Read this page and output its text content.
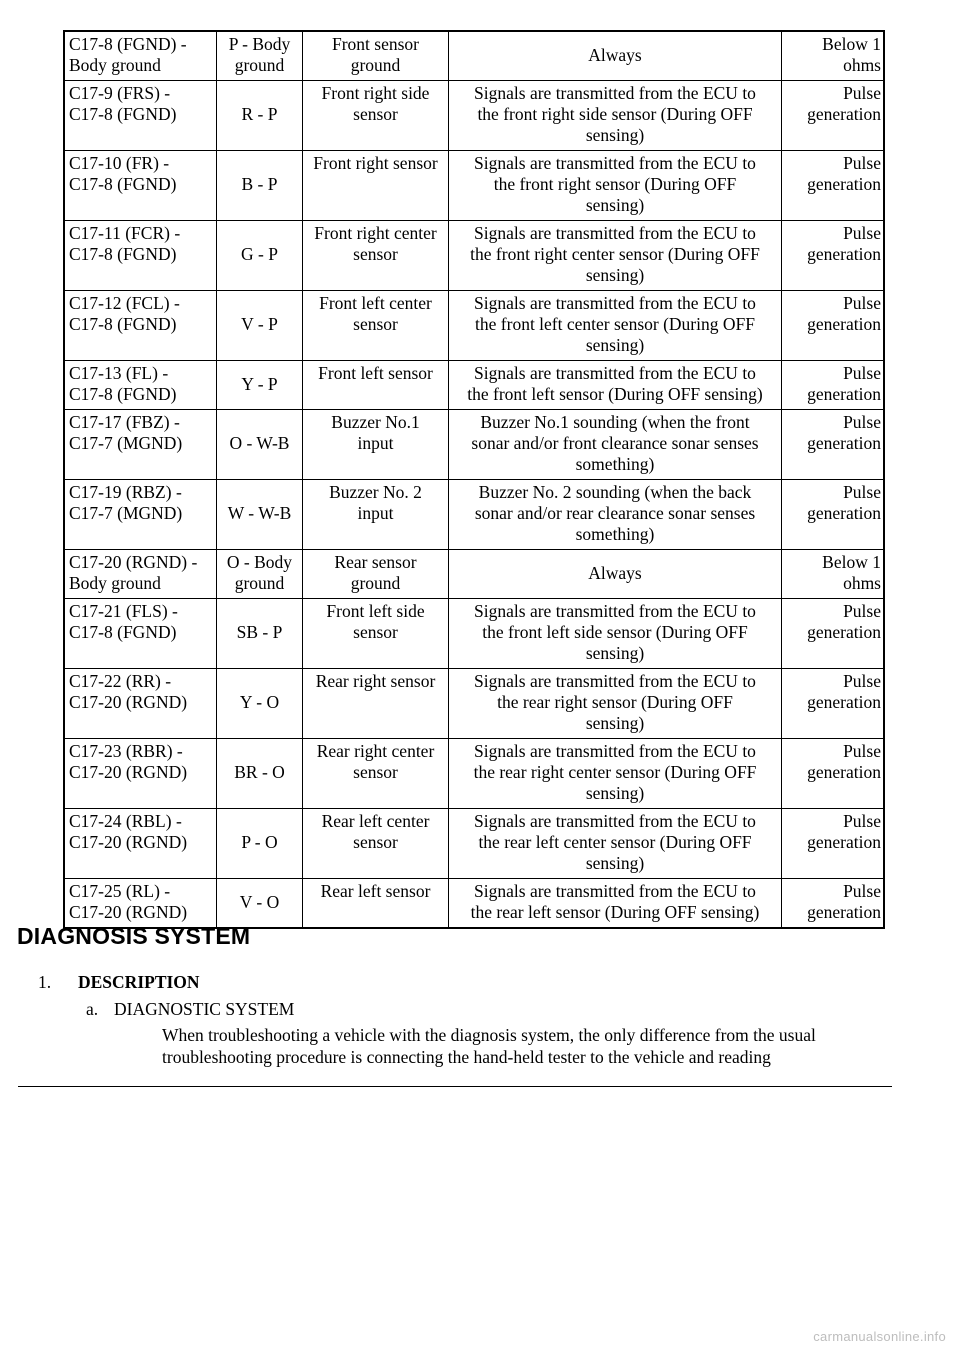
C17-8 (FGND) -
Body ground	P - Body
ground	Front sensor
ground	Always	Below 1
ohms

C17-9 (FRS) -
C17-8 (FGND)	R - P	Front right side
sensor	Signals are transmitted from the ECU to
the front right side sensor (During OFF
sensing)	Pulse
generation

C17-10 (FR) -
C17-8 (FGND)	B - P	Front right sensor	Signals are transmitted from the ECU to
the front right sensor (During OFF
sensing)	Pulse
generation

C17-11 (FCR) -
C17-8 (FGND)	G - P	Front right center
sensor	Signals are transmitted from the ECU to
the front right center sensor (During OFF
sensing)	Pulse
generation

C17-12 (FCL) -
C17-8 (FGND)	V - P	Front left center
sensor	Signals are transmitted from the ECU to
the front left center sensor (During OFF
sensing)	Pulse
generation

C17-13 (FL) -
C17-8 (FGND)	Y - P	Front left sensor	Signals are transmitted from the ECU to
the front left sensor (During OFF sensing)	Pulse
generation

C17-17 (FBZ) -
C17-7 (MGND)	O - W-B	Buzzer No.1
input	Buzzer No.1 sounding (when the front
sonar and/or front clearance sonar senses
something)	Pulse
generation

C17-19 (RBZ) -
C17-7 (MGND)	W - W-B	Buzzer No. 2
input	Buzzer No. 2 sounding (when the back
sonar and/or rear clearance sonar senses
something)	Pulse
generation

C17-20 (RGND) -
Body ground	O - Body
ground	Rear sensor
ground	Always	Below 1
ohms

C17-21 (FLS) -
C17-8 (FGND)	SB - P	Front left side
sensor	Signals are transmitted from the ECU to
the front left side sensor (During OFF
sensing)	Pulse
generation

C17-22 (RR) -
C17-20 (RGND)	Y - O	Rear right sensor	Signals are transmitted from the ECU to
the rear right sensor (During OFF
sensing)	Pulse
generation

C17-23 (RBR) -
C17-20 (RGND)	BR - O	Rear right center
sensor	Signals are transmitted from the ECU to
the rear right center sensor (During OFF
sensing)	Pulse
generation

C17-24 (RBL) -
C17-20 (RGND)	P - O	Rear left center
sensor	Signals are transmitted from the ECU to
the rear left center sensor (During OFF
sensing)	Pulse
generation

C17-25 (RL) -
C17-20 (RGND)	V - O	Rear left sensor	Signals are transmitted from the ECU to
the rear left sensor (During OFF sensing)	Pulse
generation
DIAGNOSIS SYSTEM
1. DESCRIPTION
a. DIAGNOSTIC SYSTEM
When troubleshooting a vehicle with the diagnosis system, the only difference from the usual
troubleshooting procedure is connecting the hand-held tester to the vehicle and reading
carmanualsonline.info
